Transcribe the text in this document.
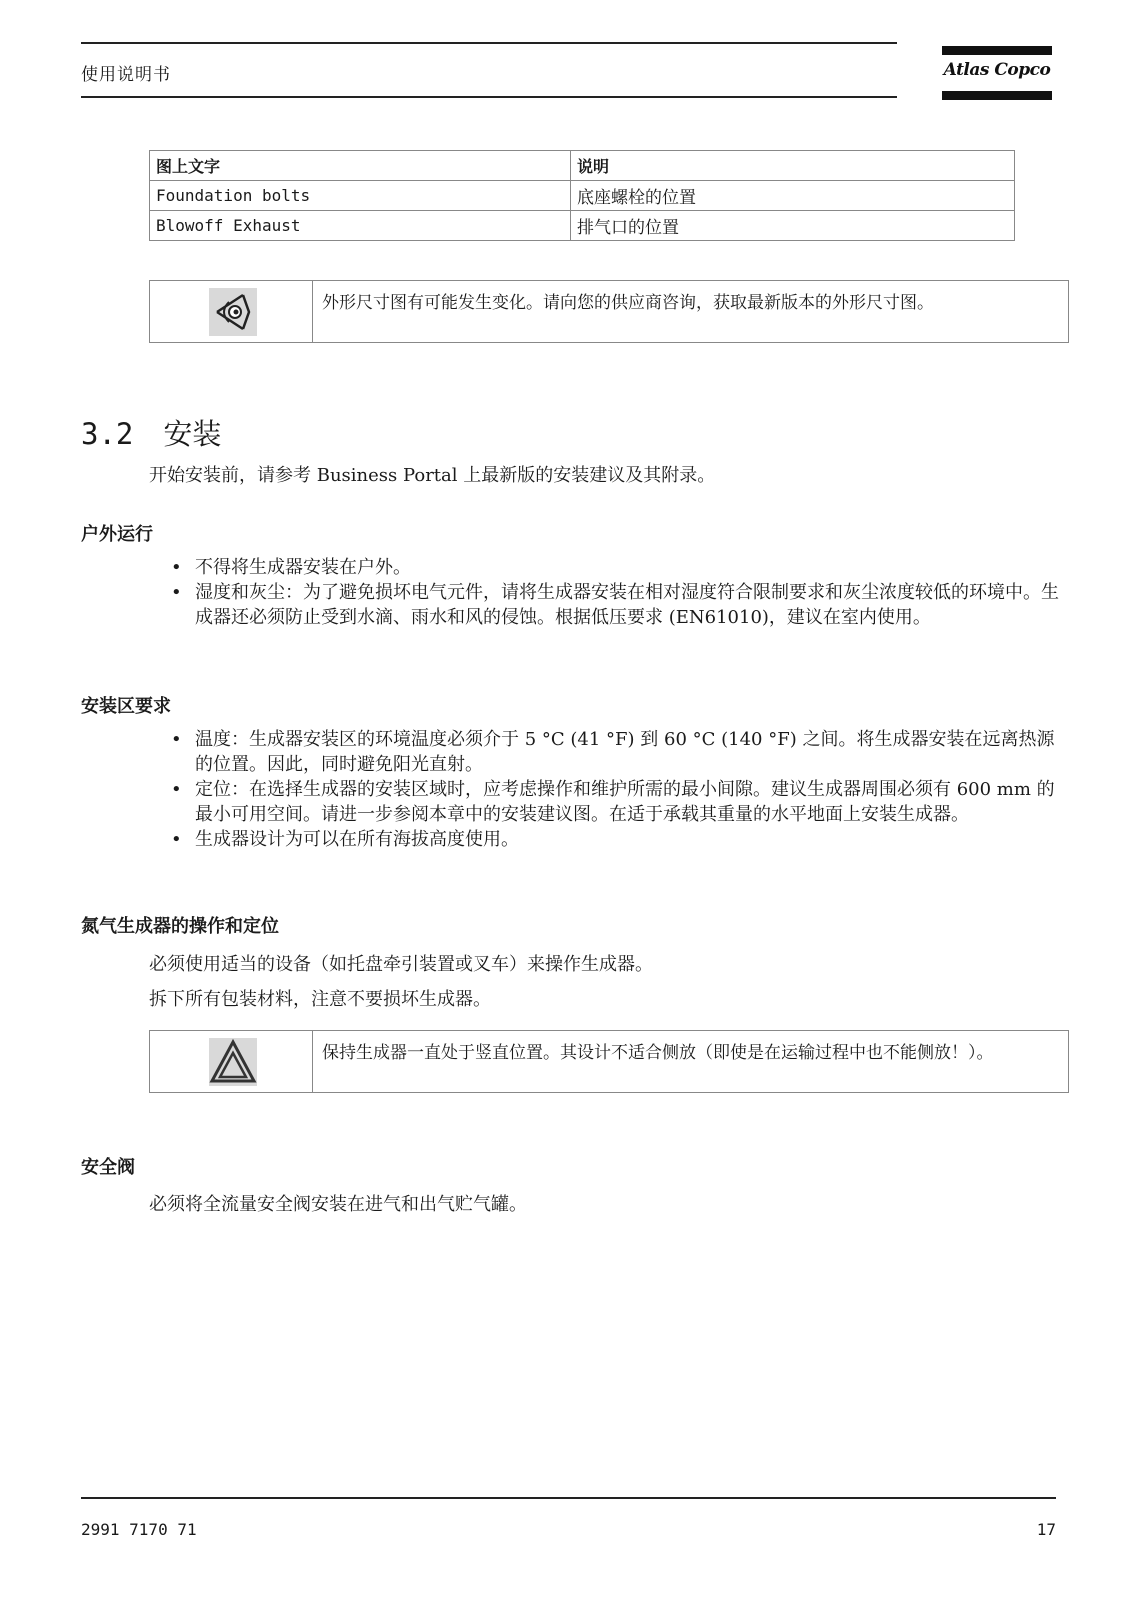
使用说明书	Atlas Copco
图上文字	说明
Foundation bolts	底座螺栓的位置
Blowoff Exhaust	排气口的位置
外形尺寸图有可能发生变化。请向您的供应商咨询，获取最新版本的外形尺寸图。
3.2 安装
开始安装前，请参考 Business Portal 上最新版的安装建议及其附录。
户外运行
• 不得将生成器安装在户外。
• 湿度和灰尘：为了避免损坏电气元件，请将生成器安装在相对湿度符合限制要求和灰尘浓度较低的环境中。生成器还必须防止受到水滴、雨水和风的侵蚀。根据低压要求 (EN61010)，建议在室内使用。
安装区要求
• 温度：生成器安装区的环境温度必须介于 5 °C (41 °F) 到 60 °C (140 °F) 之间。将生成器安装在远离热源的位置。因此，同时避免阳光直射。
• 定位：在选择生成器的安装区域时，应考虑操作和维护所需的最小间隙。建议生成器周围必须有 600 mm 的最小可用空间。请进一步参阅本章中的安装建议图。在适于承载其重量的水平地面上安装生成器。
• 生成器设计为可以在所有海拔高度使用。
氮气生成器的操作和定位
必须使用适当的设备（如托盘牵引装置或叉车）来操作生成器。
拆下所有包装材料，注意不要损坏生成器。
保持生成器一直处于竖直位置。其设计不适合侧放（即使是在运输过程中也不能侧放！）。
安全阀
必须将全流量安全阀安装在进气和出气贮气罐。
2991 7170 71	17
